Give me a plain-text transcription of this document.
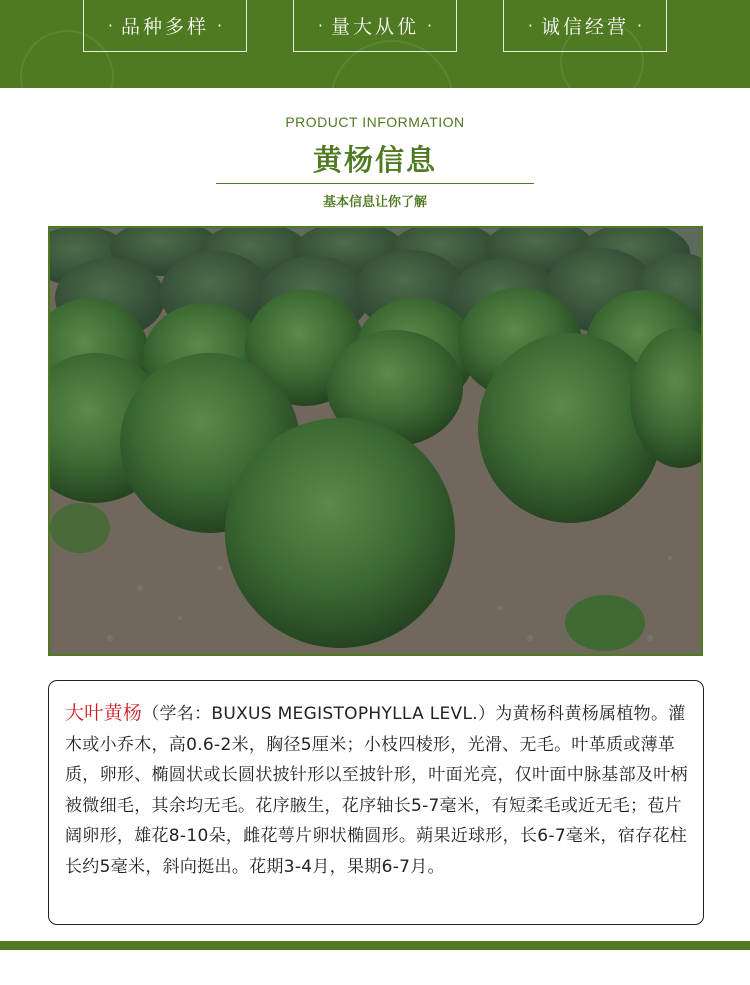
· 品种多样 ·	· 量大从优 ·	· 诚信经营 ·
PRODUCT INFORMATION
黄杨信息
基本信息让你了解
大叶黄杨（学名：BUXUS MEGISTOPHYLLA LEVL.）为黄杨科黄杨属植物。灌木或小乔木，高0.6-2米，胸径5厘米；小枝四棱形，光滑、无毛。叶革质或薄革质，卵形、椭圆状或长圆状披针形以至披针形，叶面光亮，仅叶面中脉基部及叶柄被微细毛，其余均无毛。花序腋生，花序轴长5-7毫米，有短柔毛或近无毛；苞片阔卵形，雄花8-10朵，雌花萼片卵状椭圆形。蒴果近球形，长6-7毫米，宿存花柱长约5毫米，斜向挺出。花期3-4月，果期6-7月。
